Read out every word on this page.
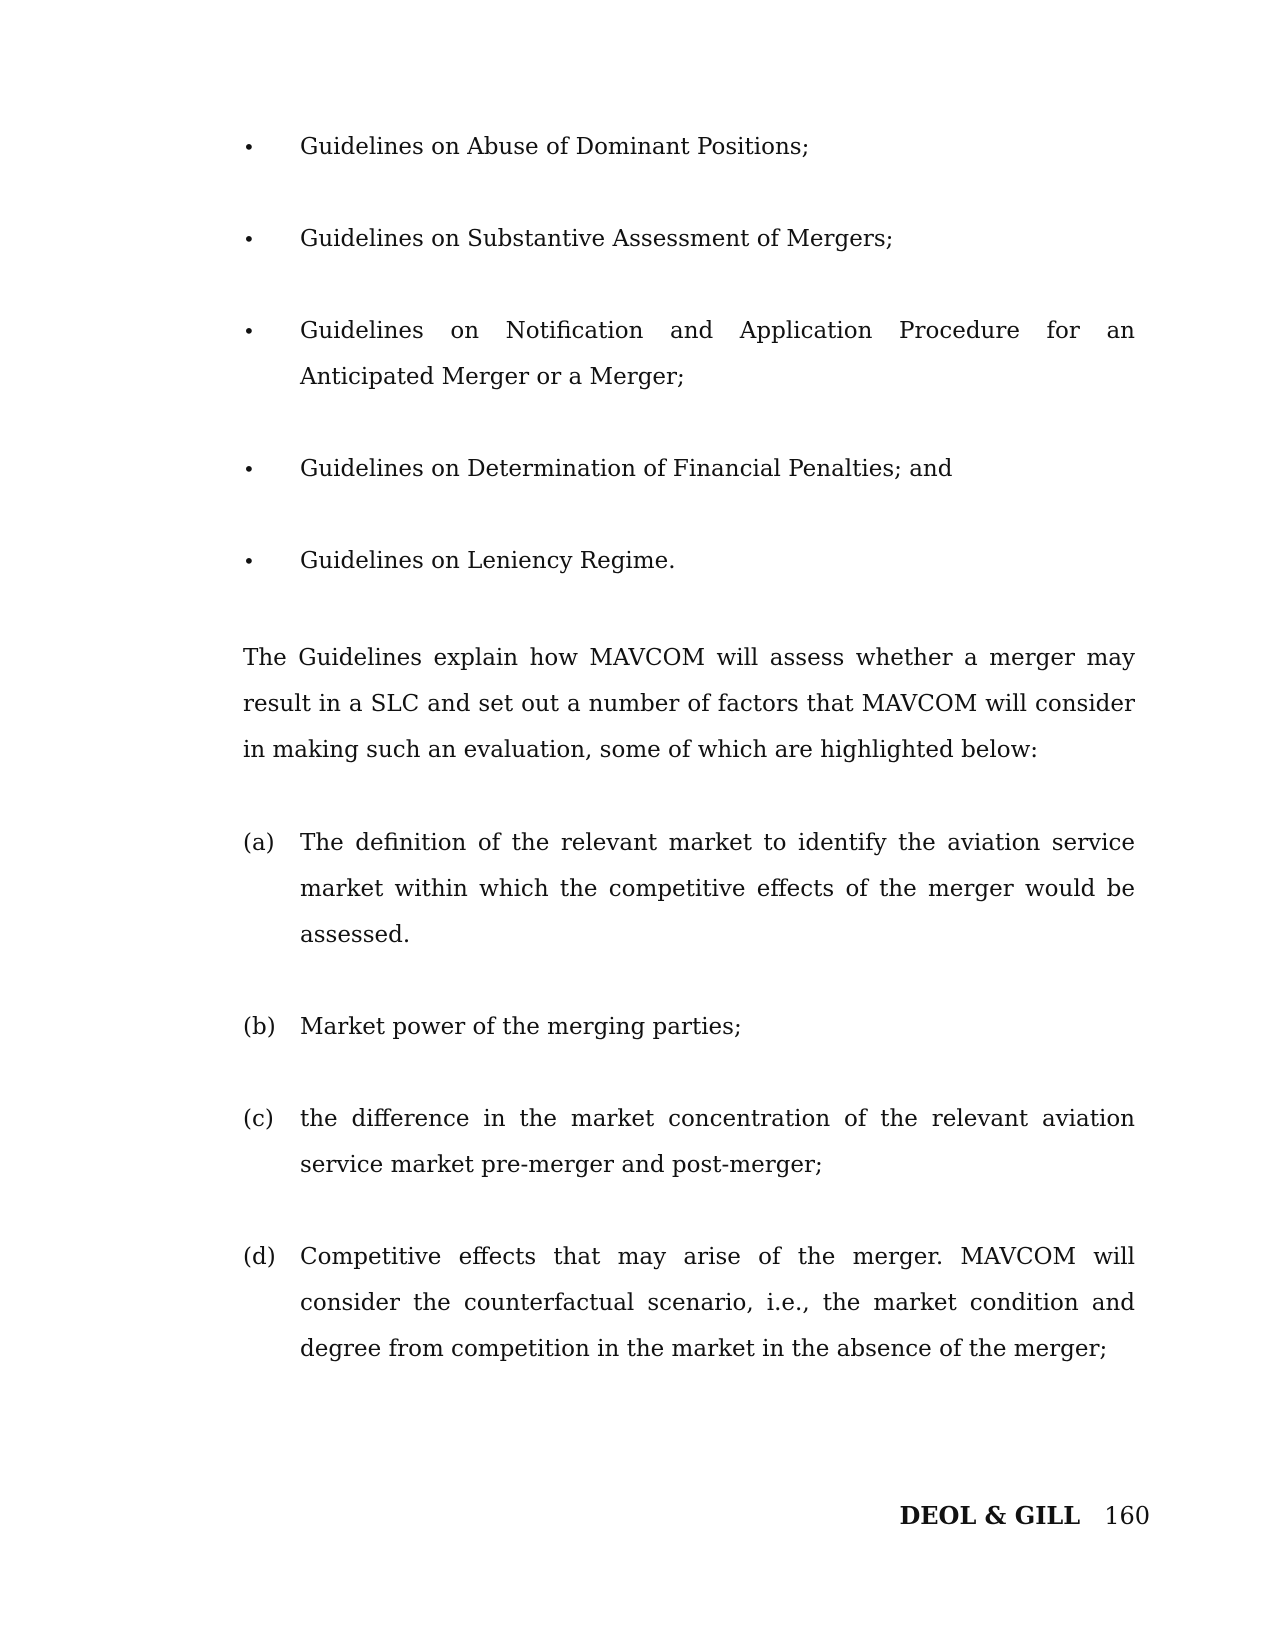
•	Guidelines on Abuse of Dominant Positions;
•	Guidelines on Substantive Assessment of Mergers;
•	Guidelines on Notification and Application Procedure for an Anticipated Merger or a Merger;
•	Guidelines on Determination of Financial Penalties; and
•	Guidelines on Leniency Regime.

The Guidelines explain how MAVCOM will assess whether a merger may result in a SLC and set out a number of factors that MAVCOM will consider in making such an evaluation, some of which are highlighted below:

(a) The definition of the relevant market to identify the aviation service market within which the competitive effects of the merger would be assessed.
(b) Market power of the merging parties;
(c) the difference in the market concentration of the relevant aviation service market pre-merger and post-merger;
(d) Competitive effects that may arise of the merger. MAVCOM will consider the counterfactual scenario, i.e., the market condition and degree from competition in the market in the absence of the merger;
DEOL & GILL 160
